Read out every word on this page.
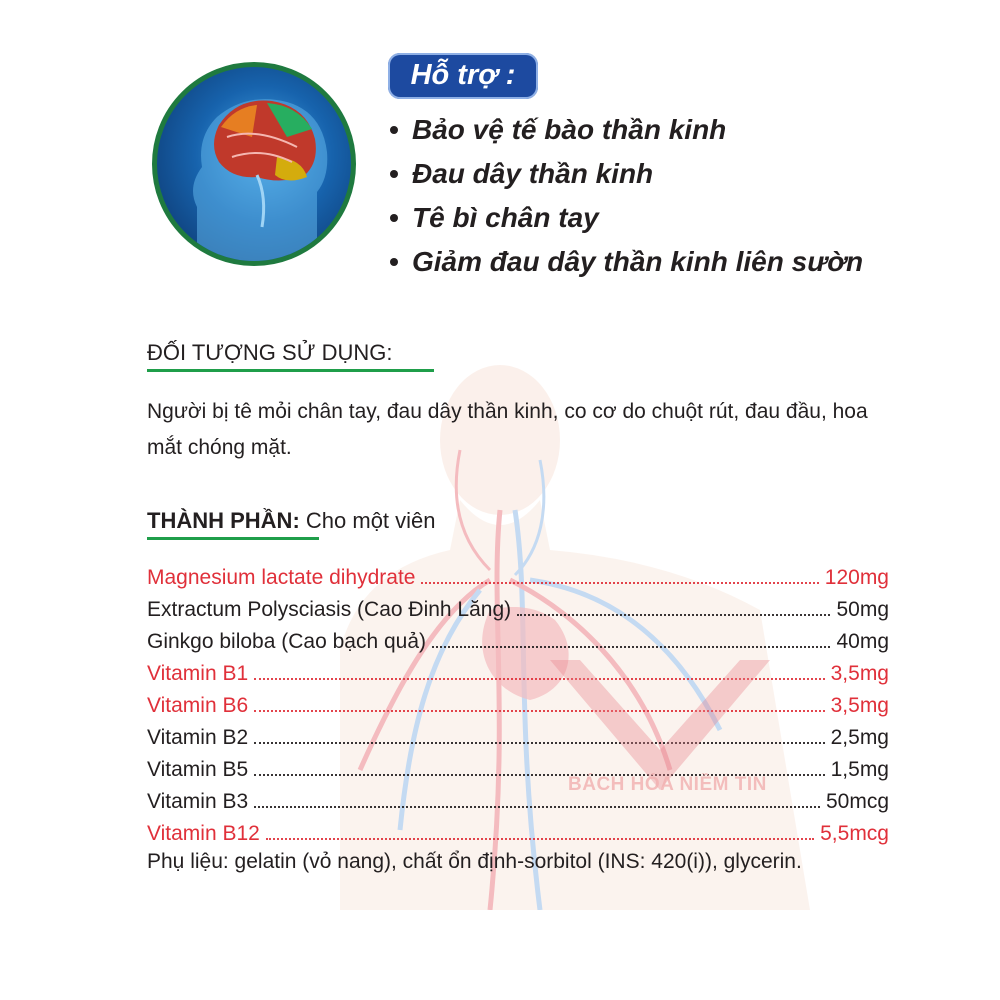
Hỗ trợ :
Bảo vệ tế bào thần kinh
Đau dây thần kinh
Tê bì chân tay
Giảm đau dây thần kinh liên sườn
ĐỐI TƯỢNG SỬ DỤNG:
Người bị tê mỏi chân tay, đau dây thần kinh, co cơ do chuột rút, đau đầu, hoa mắt chóng mặt.
THÀNH PHẦN: Cho một viên
Magnesium lactate dihydrate	120mg
Extractum Polysciasis (Cao Đinh Lăng)	50mg
Ginkgo biloba (Cao bạch quả)	40mg
Vitamin B1	3,5mg
Vitamin B6	3,5mg
Vitamin B2	2,5mg
Vitamin B5	1,5mg
Vitamin B3	50mcg
Vitamin B12	5,5mcg
Phụ liệu: gelatin (vỏ nang), chất ổn định-sorbitol (INS: 420(i)), glycerin.
BÁCH HÓA NIỀM TIN
